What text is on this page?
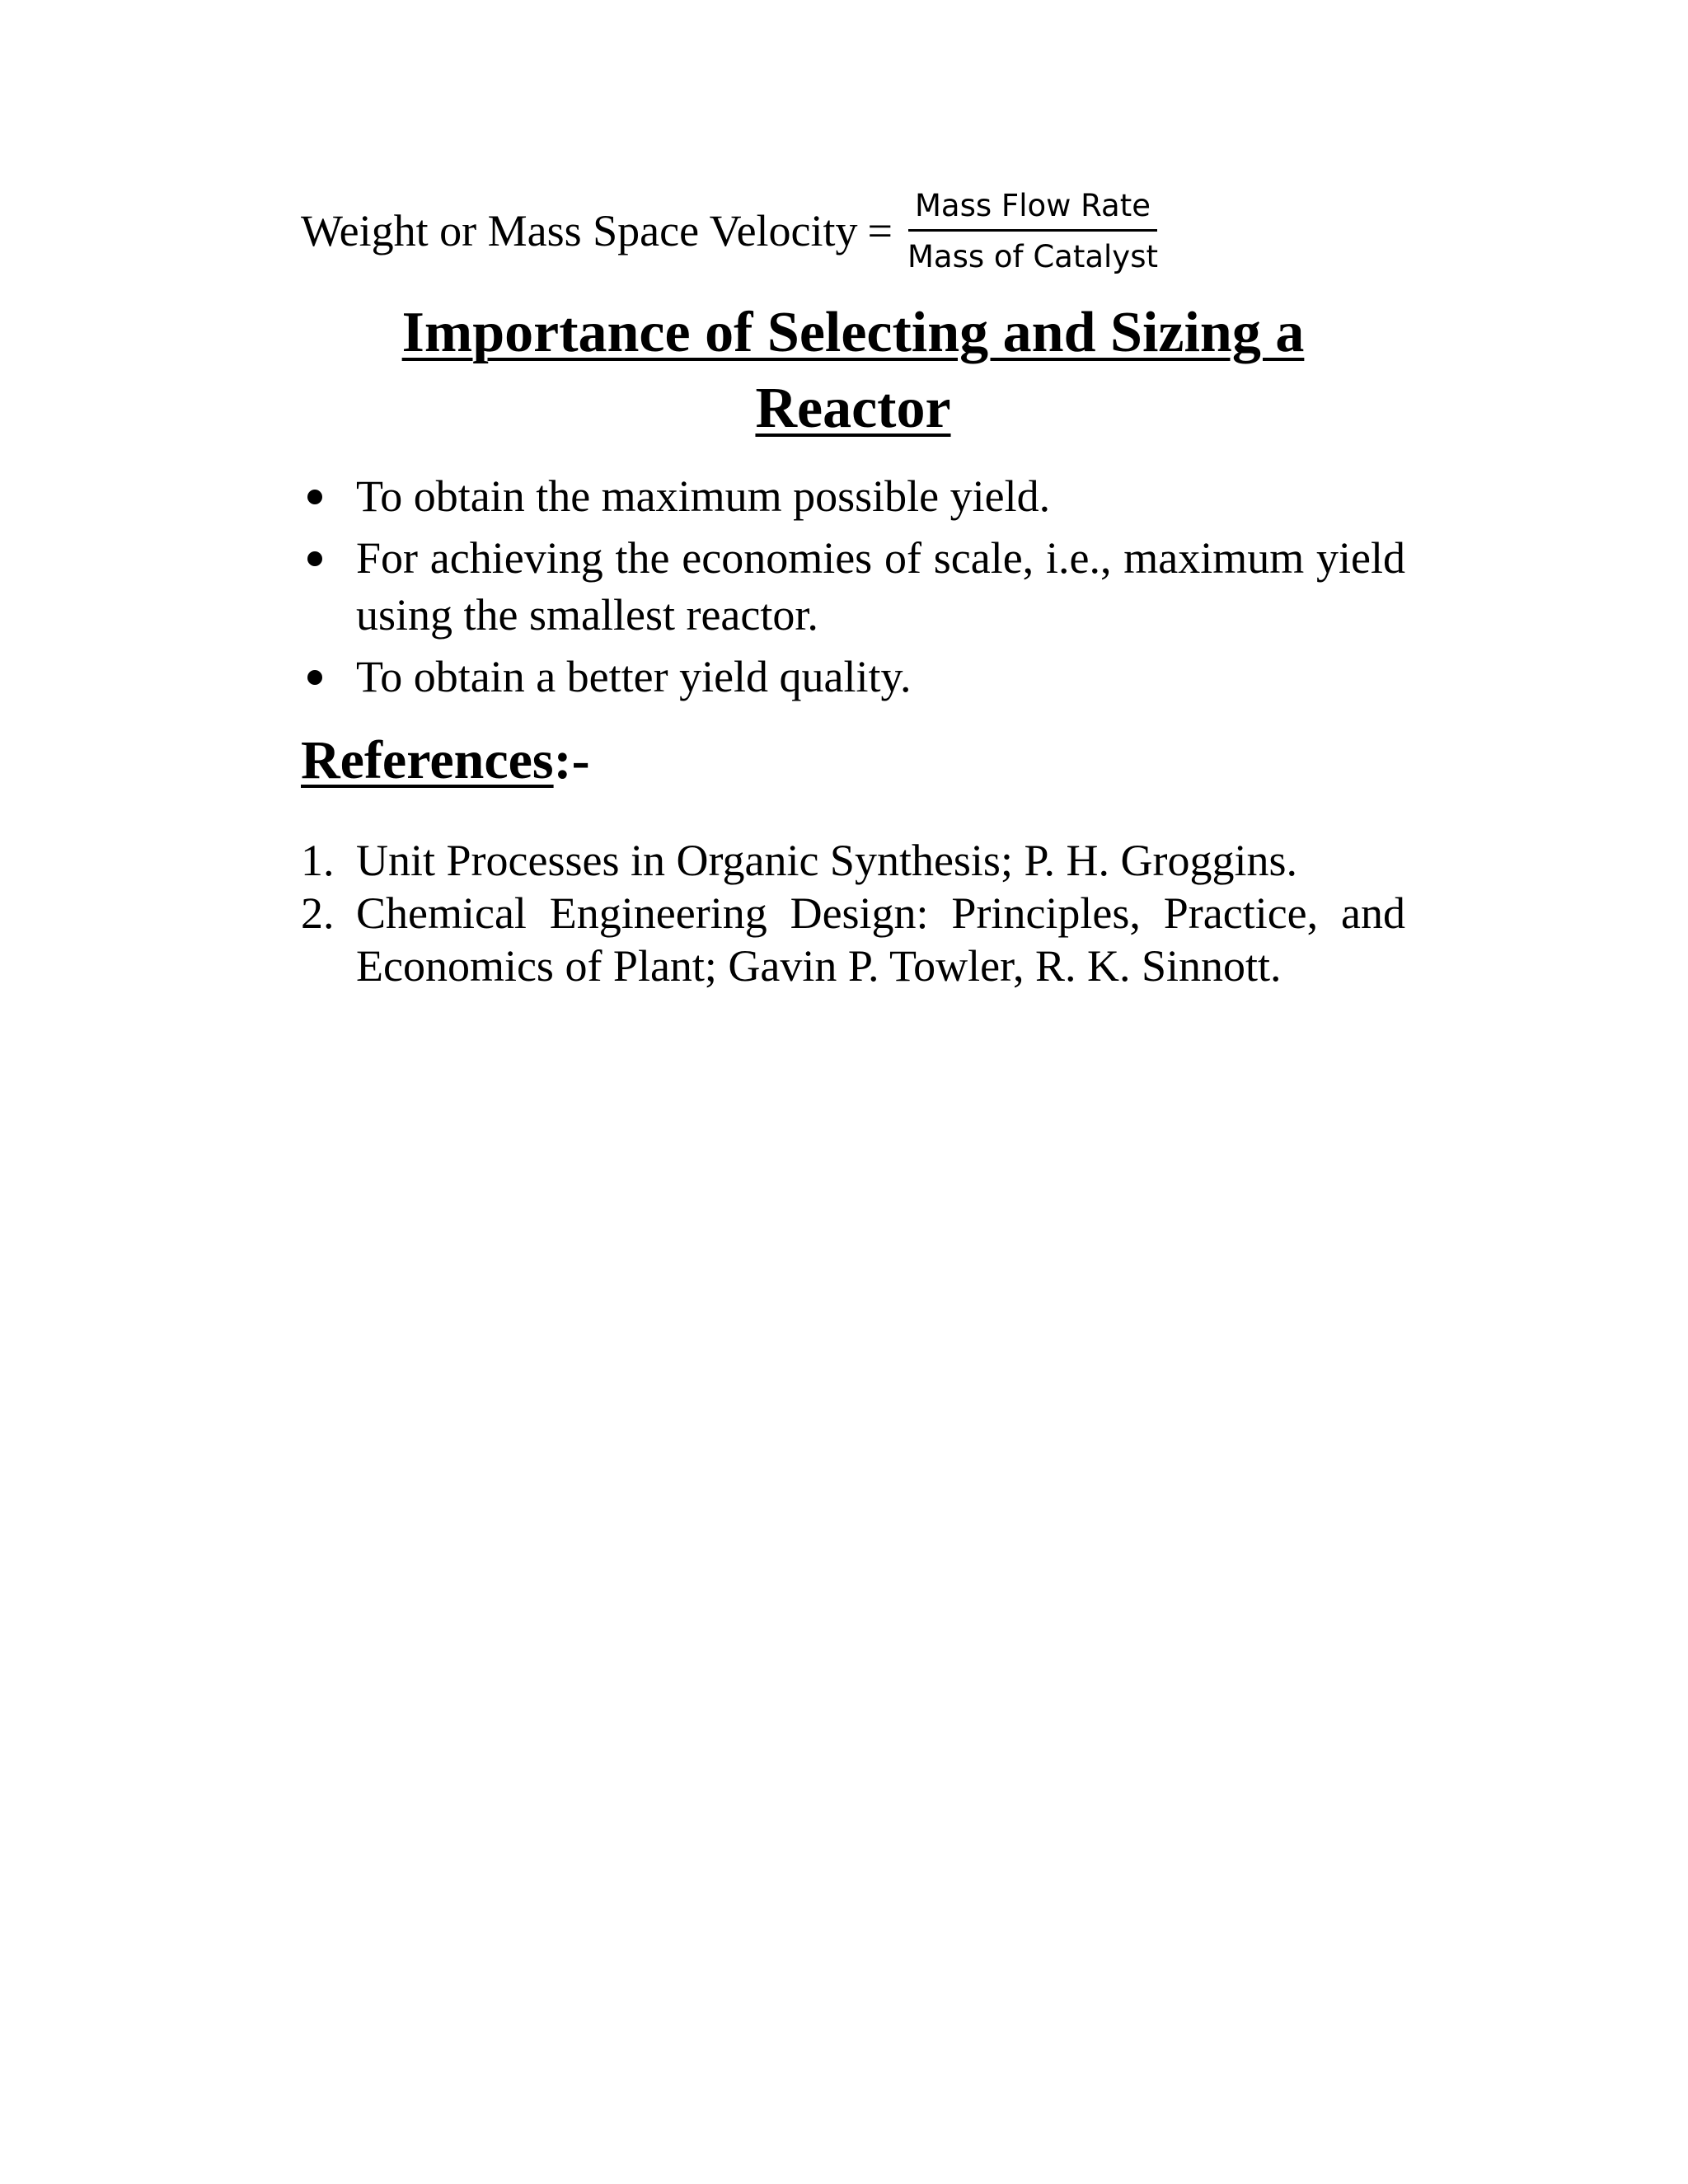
Weight or Mass Space Velocity = $\frac{\text{Mass Flow Rate}}{\text{Mass of Catalyst}}$
Importance of Selecting and Sizing a Reactor
To obtain the maximum possible yield.
For achieving the economies of scale, i.e., maximum yield using the smallest reactor.
To obtain a better yield quality.
References:-
1. Unit Processes in Organic Synthesis; P. H. Groggins.
2. Chemical Engineering Design: Principles, Practice, and Economics of Plant; Gavin P. Towler, R. K. Sinnott.
